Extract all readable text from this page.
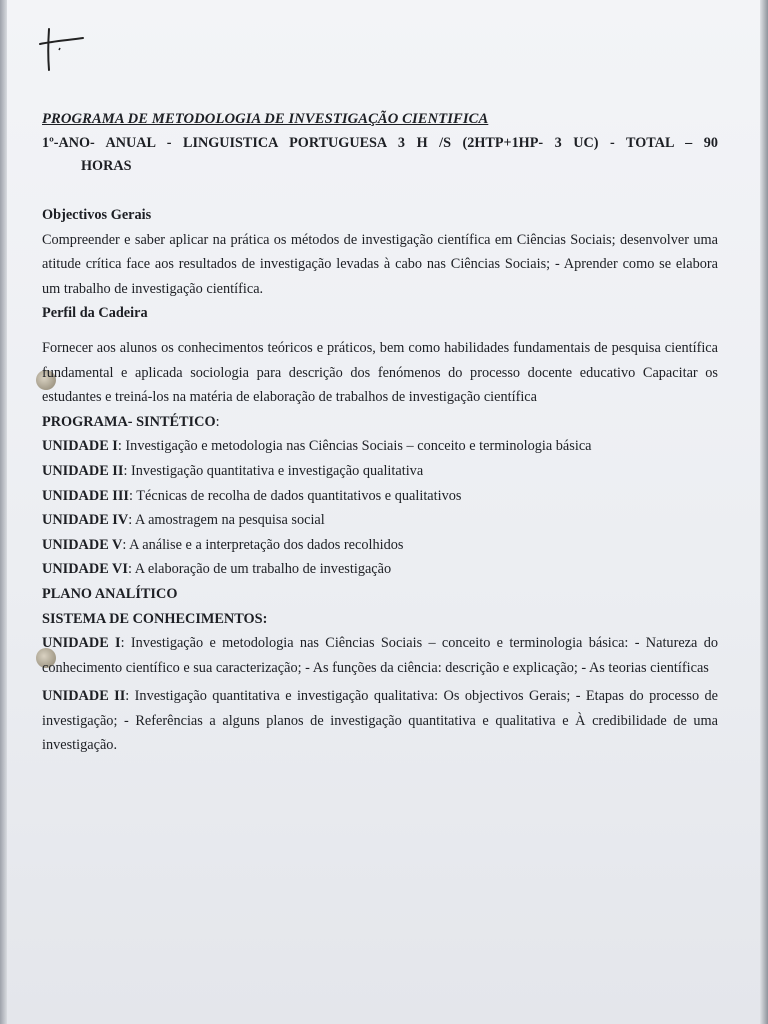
PROGRAMA DE METODOLOGIA DE INVESTIGAÇÃO CIENTIFICA

1º-ANO- ANUAL - LINGUISTICA PORTUGUESA 3 H /S (2HTP+1HP- 3 UC) - TOTAL – 90
HORAS

Objectivos Gerais

Compreender e saber aplicar na prática os métodos de investigação científica em Ciências Sociais; desenvolver uma atitude crítica face aos resultados de investigação levadas à cabo nas Ciências Sociais; - Aprender como se elabora um trabalho de investigação científica.

Perfil da Cadeira

Fornecer aos alunos os conhecimentos teóricos e práticos, bem como habilidades fundamentais de pesquisa científica fundamental e aplicada sociologia para descrição dos fenómenos do processo docente educativo Capacitar os estudantes e treiná-los na matéria de elaboração de trabalhos de investigação científica

PROGRAMA- SINTÉTICO:

UNIDADE I: Investigação e metodologia nas Ciências Sociais – conceito e terminologia básica

UNIDADE II: Investigação quantitativa e investigação qualitativa

UNIDADE III: Técnicas de recolha de dados quantitativos e qualitativos

UNIDADE IV: A amostragem na pesquisa social

UNIDADE V: A análise e a interpretação dos dados recolhidos

UNIDADE VI: A elaboração de um trabalho de investigação

PLANO ANALÍTICO

SISTEMA DE CONHECIMENTOS:

UNIDADE I: Investigação e metodologia nas Ciências Sociais – conceito e terminologia básica: - Natureza do conhecimento científico e sua caracterização; - As funções da ciência: descrição e explicação; - As teorias científicas

UNIDADE II: Investigação quantitativa e investigação qualitativa: Os objectivos Gerais; - Etapas do processo de investigação; - Referências a alguns planos de investigação quantitativa e qualitativa e À credibilidade de uma investigação.
